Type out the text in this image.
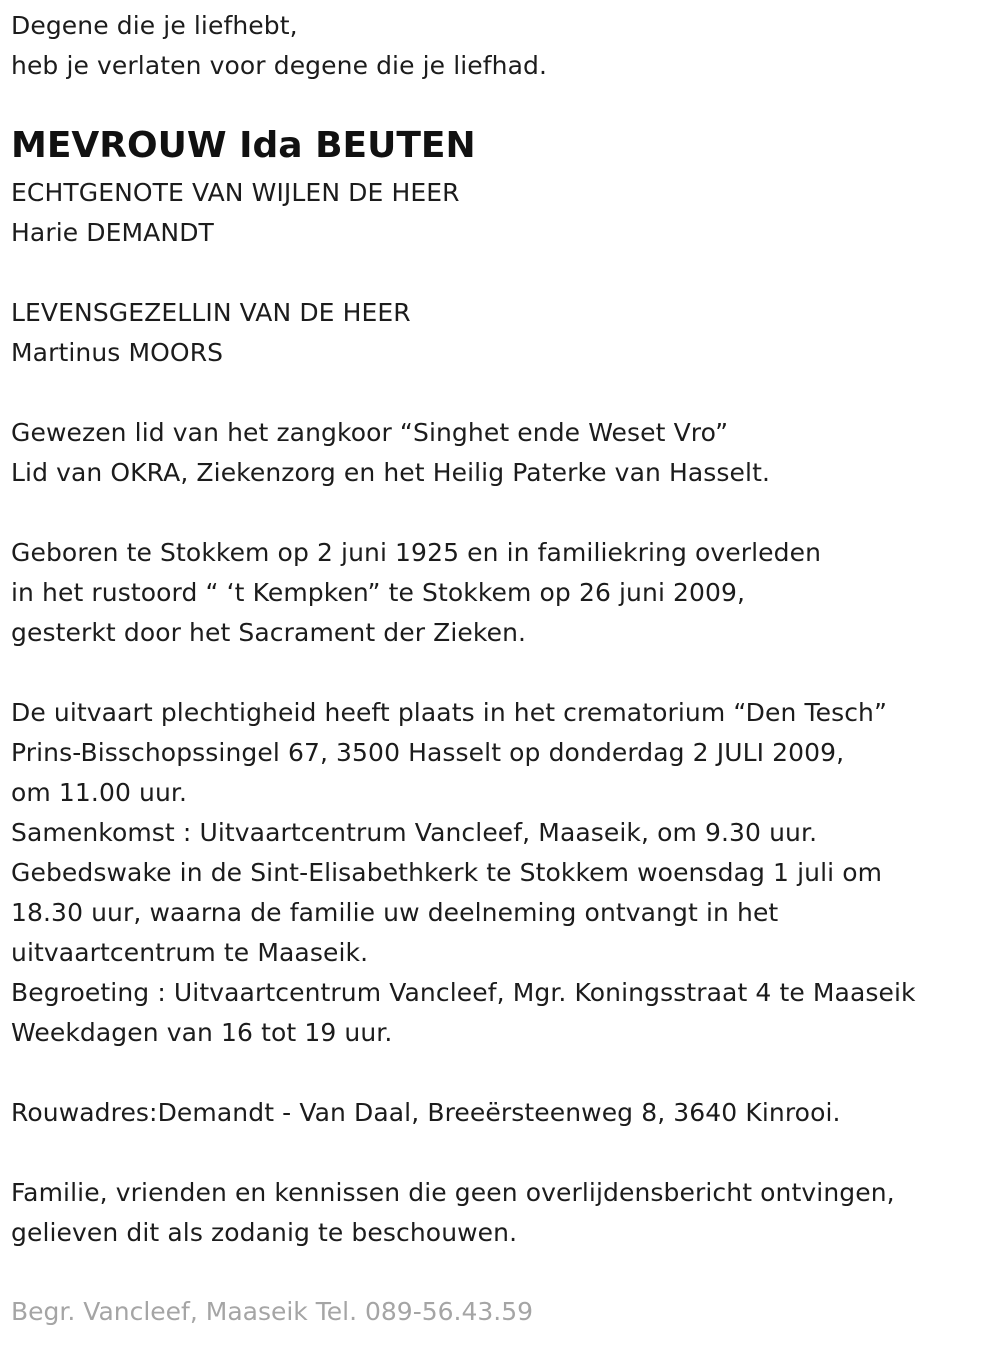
Degene die je liefhebt,
heb je verlaten voor degene die je liefhad.
MEVROUW Ida BEUTEN
ECHTGENOTE VAN WIJLEN DE HEER
Harie DEMANDT
LEVENSGEZELLIN VAN DE HEER
Martinus MOORS
Gewezen lid van het zangkoor “Singhet ende Weset Vro”
Lid van OKRA, Ziekenzorg en het Heilig Paterke van Hasselt.
Geboren te Stokkem op 2 juni 1925 en in familiekring overleden
in het rustoord “ ‘t Kempken” te Stokkem op 26 juni 2009,
gesterkt door het Sacrament der Zieken.
De uitvaart plechtigheid heeft plaats in het crematorium “Den Tesch”
Prins-Bisschopssingel 67, 3500 Hasselt op donderdag 2 JULI 2009,
om 11.00 uur.
Samenkomst : Uitvaartcentrum Vancleef, Maaseik, om 9.30 uur.
Gebedswake in de Sint-Elisabethkerk te Stokkem woensdag 1 juli om
18.30 uur, waarna de familie uw deelneming ontvangt in het
uitvaartcentrum te Maaseik.
Begroeting : Uitvaartcentrum Vancleef, Mgr. Koningsstraat 4 te Maaseik
Weekdagen van 16 tot 19 uur.
Rouwadres:Demandt - Van Daal, Breeërsteenweg 8, 3640 Kinrooi.
Familie, vrienden en kennissen die geen overlijdensbericht ontvingen,
gelieven dit als zodanig te beschouwen.
Begr. Vancleef, Maaseik Tel. 089-56.43.59
